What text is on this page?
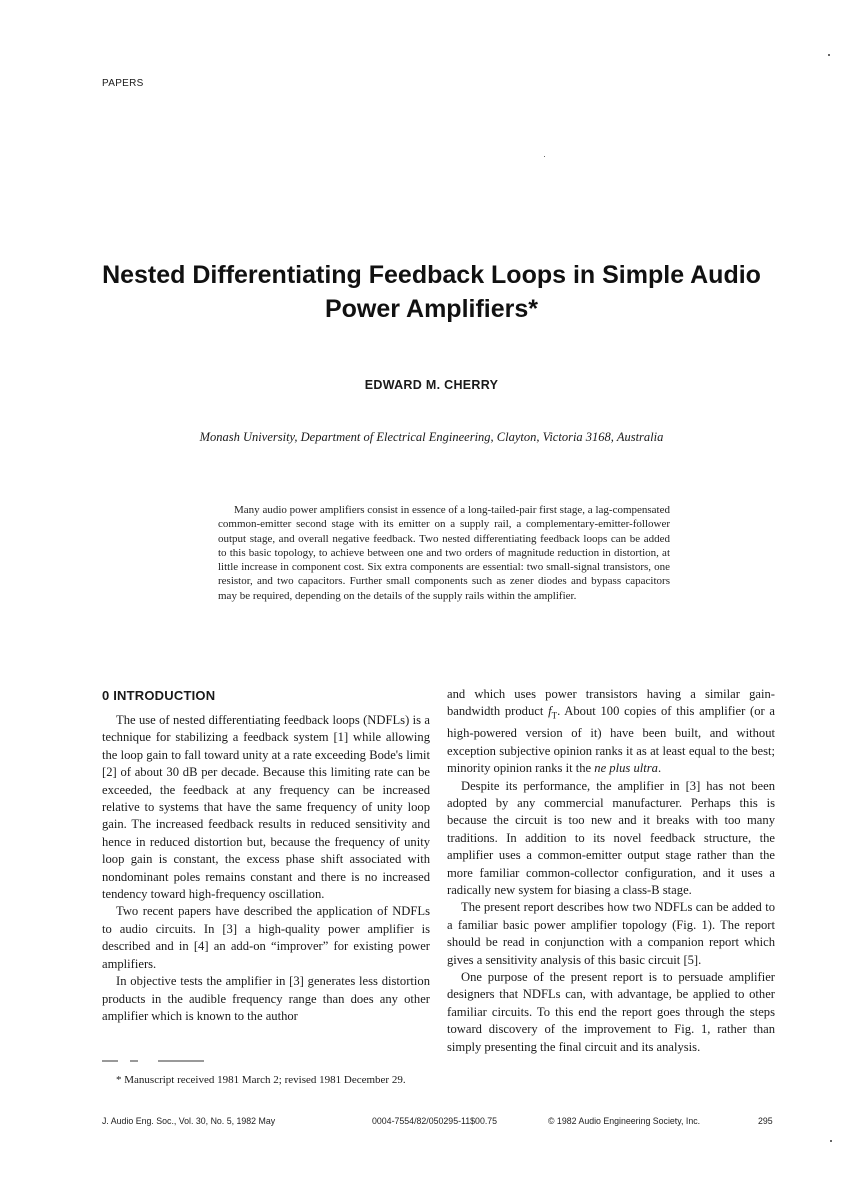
PAPERS
Nested Differentiating Feedback Loops in Simple Audio Power Amplifiers*
EDWARD M. CHERRY
Monash University, Department of Electrical Engineering, Clayton, Victoria 3168, Australia
Many audio power amplifiers consist in essence of a long-tailed-pair first stage, a lag-compensated common-emitter second stage with its emitter on a supply rail, a complementary-emitter-follower output stage, and overall negative feedback. Two nested differentiating feedback loops can be added to this basic topology, to achieve between one and two orders of magnitude reduction in distortion, at little increase in component cost. Six extra components are essential: two small-signal transistors, one resistor, and two capacitors. Further small components such as zener diodes and bypass capacitors may be required, depending on the details of the supply rails within the amplifier.
0 INTRODUCTION

The use of nested differentiating feedback loops (NDFLs) is a technique for stabilizing a feedback system [1] while allowing the loop gain to fall toward unity at a rate exceeding Bode's limit [2] of about 30 dB per decade. Because this limiting rate can be exceeded, the feedback at any frequency can be increased relative to systems that have the same frequency of unity loop gain. The increased feedback results in reduced sensitivity and hence in reduced distortion but, because the frequency of unity loop gain is constant, the excess phase shift associated with nondominant poles remains constant and there is no increased tendency toward high-frequency oscillation.

Two recent papers have described the application of NDFLs to audio circuits. In [3] a high-quality power amplifier is described and in [4] an add-on “improver” for existing power amplifiers.

In objective tests the amplifier in [3] generates less distortion products in the audible frequency range than does any other amplifier which is known to the author

and which uses power transistors having a similar gain-bandwidth product $f_T$. About 100 copies of this amplifier (or a high-powered version of it) have been built, and without exception subjective opinion ranks it as at least equal to the best; minority opinion ranks it the ne plus ultra.

Despite its performance, the amplifier in [3] has not been adopted by any commercial manufacturer. Perhaps this is because the circuit is too new and it breaks with too many traditions. In addition to its novel feedback structure, the amplifier uses a common-emitter output stage rather than the more familiar common-collector configuration, and it uses a radically new system for biasing a class-B stage.

The present report describes how two NDFLs can be added to a familiar basic power amplifier topology (Fig. 1). The report should be read in conjunction with a companion report which gives a sensitivity analysis of this basic circuit [5].

One purpose of the present report is to persuade amplifier designers that NDFLs can, with advantage, be applied to other familiar circuits. To this end the report goes through the steps toward discovery of the improvement to Fig. 1, rather than simply presenting the final circuit and its analysis.

* Manuscript received 1981 March 2; revised 1981 December 29.
J. Audio Eng. Soc., Vol. 30, No. 5, 1982 May	0004-7554/82/050295-11$00.75	© 1982 Audio Engineering Society, Inc.	295
